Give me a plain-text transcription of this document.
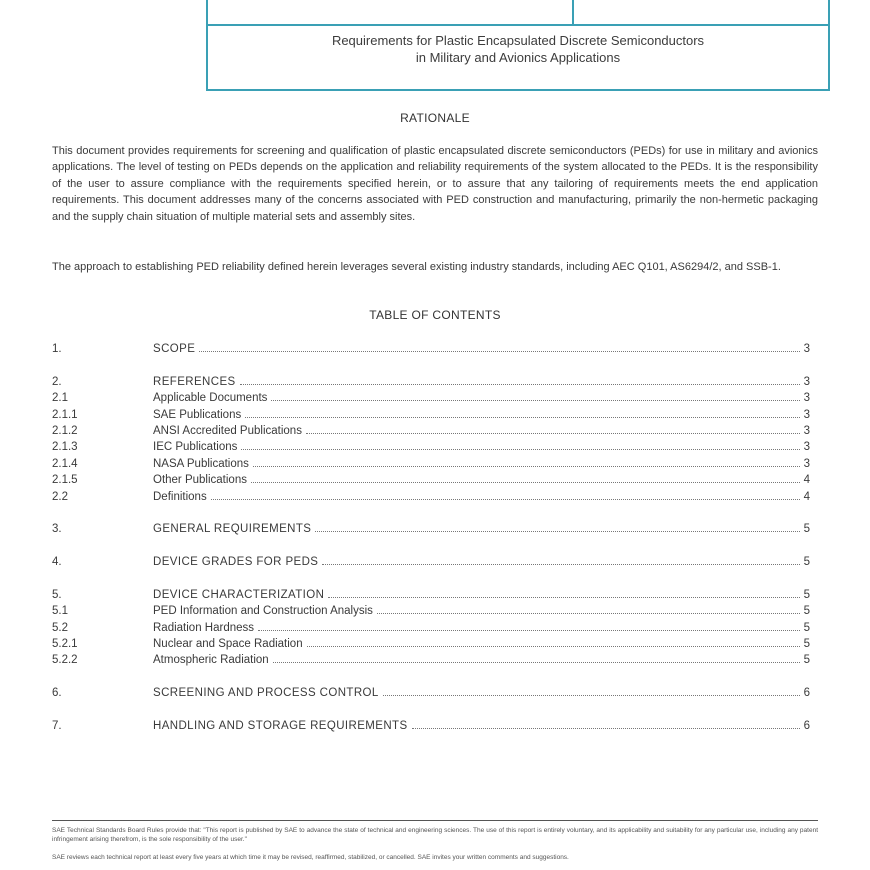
Requirements for Plastic Encapsulated Discrete Semiconductors
in Military and Avionics Applications
RATIONALE
This document provides requirements for screening and qualification of plastic encapsulated discrete semiconductors (PEDs) for use in military and avionics applications. The level of testing on PEDs depends on the application and reliability requirements of the system allocated to the PEDs. It is the responsibility of the user to assure compliance with the requirements specified herein, or to assure that any tailoring of requirements meets the end application requirements. This document addresses many of the concerns associated with PED construction and manufacturing, primarily the non-hermetic packaging and the supply chain situation of multiple material sets and assembly sites.
The approach to establishing PED reliability defined herein leverages several existing industry standards, including AEC Q101, AS6294/2, and SSB-1.
TABLE OF CONTENTS
1.	SCOPE	3
2.	REFERENCES	3
2.1	Applicable Documents	3
2.1.1	SAE Publications	3
2.1.2	ANSI Accredited Publications	3
2.1.3	IEC Publications	3
2.1.4	NASA Publications	3
2.1.5	Other Publications	4
2.2	Definitions	4
3.	GENERAL REQUIREMENTS	5
4.	DEVICE GRADES FOR PEDS	5
5.	DEVICE CHARACTERIZATION	5
5.1	PED Information and Construction Analysis	5
5.2	Radiation Hardness	5
5.2.1	Nuclear and Space Radiation	5
5.2.2	Atmospheric Radiation	5
6.	SCREENING AND PROCESS CONTROL	6
7.	HANDLING AND STORAGE REQUIREMENTS	6
SAE Technical Standards Board Rules provide that: "This report is published by SAE to advance the state of technical and engineering sciences. The use of this report is entirely voluntary, and its applicability and suitability for any particular use, including any patent infringement arising therefrom, is the sole responsibility of the user."
SAE reviews each technical report at least every five years at which time it may be revised, reaffirmed, stabilized, or cancelled. SAE invites your written comments and suggestions.
